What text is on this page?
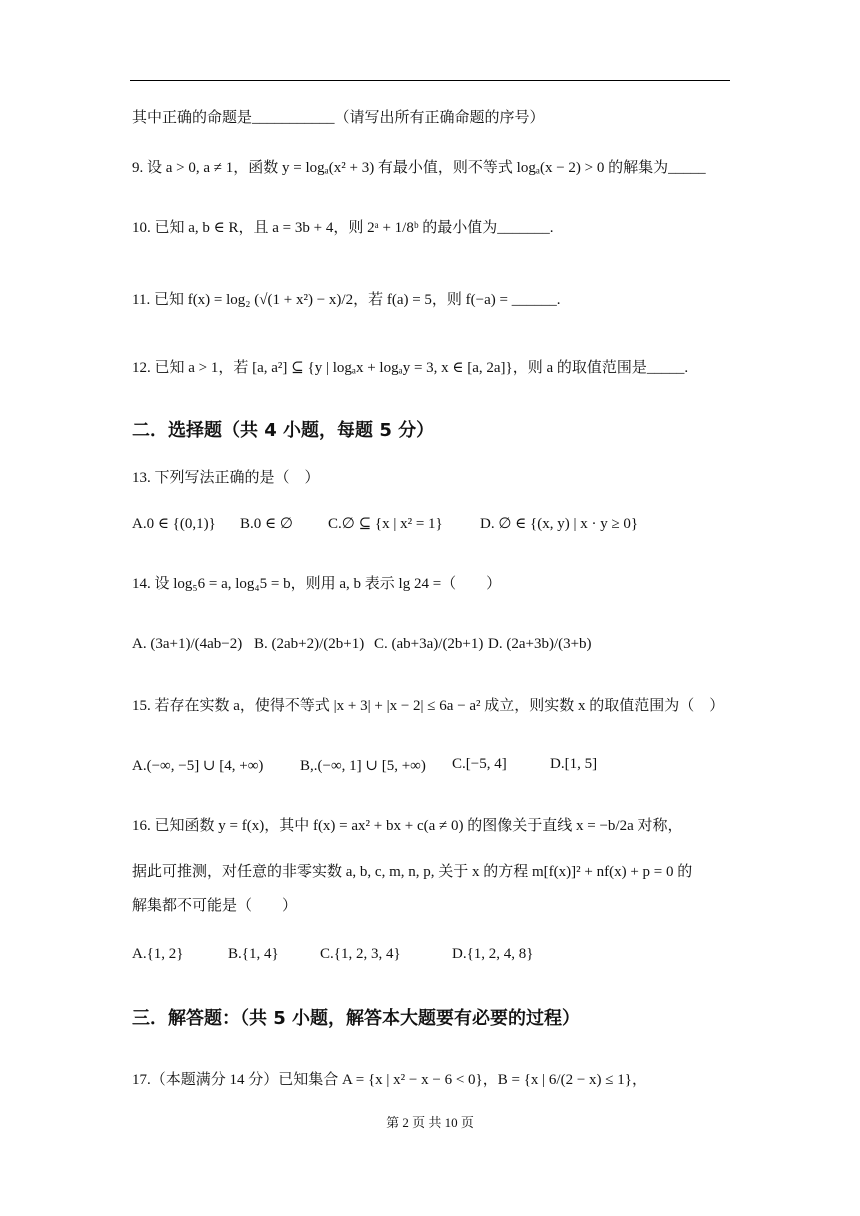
其中正确的命题是___________（请写出所有正确命题的序号）
9. 设 a > 0, a ≠ 1，函数 y = logₐ(x² + 3) 有最小值，则不等式 logₐ(x − 2) > 0 的解集为_____
10. 已知 a, b ∈ R，且 a = 3b + 4，则 2ᵃ + 1/8ᵇ 的最小值为_______.
11. 已知 f(x) = log₂ (√(1 + x²) − x)/2，若 f(a) = 5，则 f(−a) = ______.
12. 已知 a > 1，若 [a, a²] ⊆ {y | logₐx + logₐy = 3, x ∈ [a, 2a]}，则 a 的取值范围是_____.
二．选择题（共 4 小题，每题 5 分）
13. 下列写法正确的是（　）
A.0 ∈ {(0,1)} B.0 ∈ ∅ C.∅ ⊆ {x | x² = 1} D. ∅ ∈ {(x, y) | x · y ≥ 0}
14. 设 log₅6 = a, log₄5 = b，则用 a, b 表示 lg 24 =（　　）
A. (3a+1)/(4ab−2) B. (2ab+2)/(2b+1) C. (ab+3a)/(2b+1) D. (2a+3b)/(3+b)
15. 若存在实数 a，使得不等式 |x + 3| + |x − 2| ≤ 6a − a² 成立，则实数 x 的取值范围为（　）
A.(−∞, −5] ∪ [4, +∞) B,.(−∞, 1] ∪ [5, +∞) C.[−5, 4]	D.[1, 5]
16. 已知函数 y = f(x)，其中 f(x) = ax² + bx + c(a ≠ 0) 的图像关于直线 x = −b/2a 对称，
据此可推测，对任意的非零实数 a, b, c, m, n, p, 关于 x 的方程 m[f(x)]² + nf(x) + p = 0 的
解集都不可能是（　　）
A.{1, 2}	B.{1, 4}	C.{1, 2, 3, 4}	D.{1, 2, 4, 8}
三．解答题：（共 5 小题，解答本大题要有必要的过程）
17.（本题满分 14 分）已知集合 A = {x | x² − x − 6 < 0}，B = {x | 6/(2 − x) ≤ 1}，
第 2 页 共 10 页
